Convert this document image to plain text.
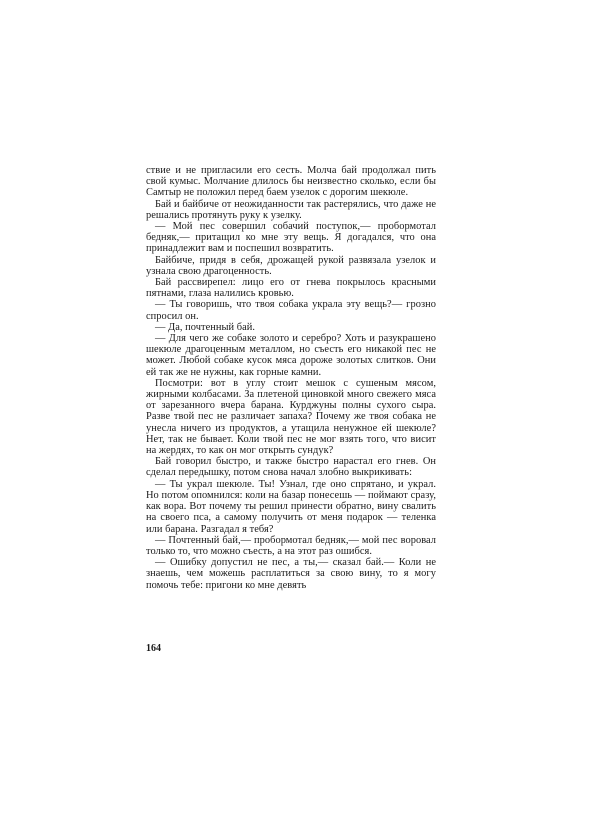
ствие и не пригласили его сесть. Молча бай продолжал пить свой кумыс. Молчание длилось бы неизвестно сколько, если бы Самтыр не положил перед баем узелок с дорогим шекюле.

Бай и байбиче от неожиданности так растерялись, что даже не решались протянуть руку к узелку.

— Мой пес совершил собачий поступок,— пробормотал бедняк,— притащил ко мне эту вещь. Я догадался, что она принадлежит вам и поспешил возвратить.

Байбиче, придя в себя, дрожащей рукой развязала узелок и узнала свою драгоценность.

Бай рассвирепел: лицо его от гнева покрылось красными пятнами, глаза налились кровью.

— Ты говоришь, что твоя собака украла эту вещь?— грозно спросил он.

— Да, почтенный бай.

— Для чего же собаке золото и серебро? Хоть и разукрашено шекюле драгоценным металлом, но съесть его никакой пес не может. Любой собаке кусок мяса дороже золотых слитков. Они ей так же не нужны, как горные камни.

Посмотри: вот в углу стоит мешок с сушеным мясом, жирными колбасами. За плетеной циновкой много свежего мяса от зарезанного вчера барана. Курджуны полны сухого сыра. Разве твой пес не различает запаха? Почему же твоя собака не унесла ничего из продуктов, а утащила ненужное ей шекюле? Нет, так не бывает. Коли твой пес не мог взять того, что висит на жердях, то как он мог открыть сундук?

Бай говорил быстро, и также быстро нарастал его гнев. Он сделал передышку, потом снова начал злобно выкрикивать:

— Ты украл шекюле. Ты! Узнал, где оно спрятано, и украл. Но потом опомнился: коли на базар понесешь — поймают сразу, как вора. Вот почему ты решил принести обратно, вину свалить на своего пса, а самому получить от меня подарок — теленка или барана. Разгадал я тебя?

— Почтенный бай,— пробормотал бедняк,— мой пес воровал только то, что можно съесть, а на этот раз ошибся.

— Ошибку допустил не пес, а ты,— сказал бай.— Коли не знаешь, чем можешь расплатиться за свою вину, то я могу помочь тебе: пригони ко мне девять

164
